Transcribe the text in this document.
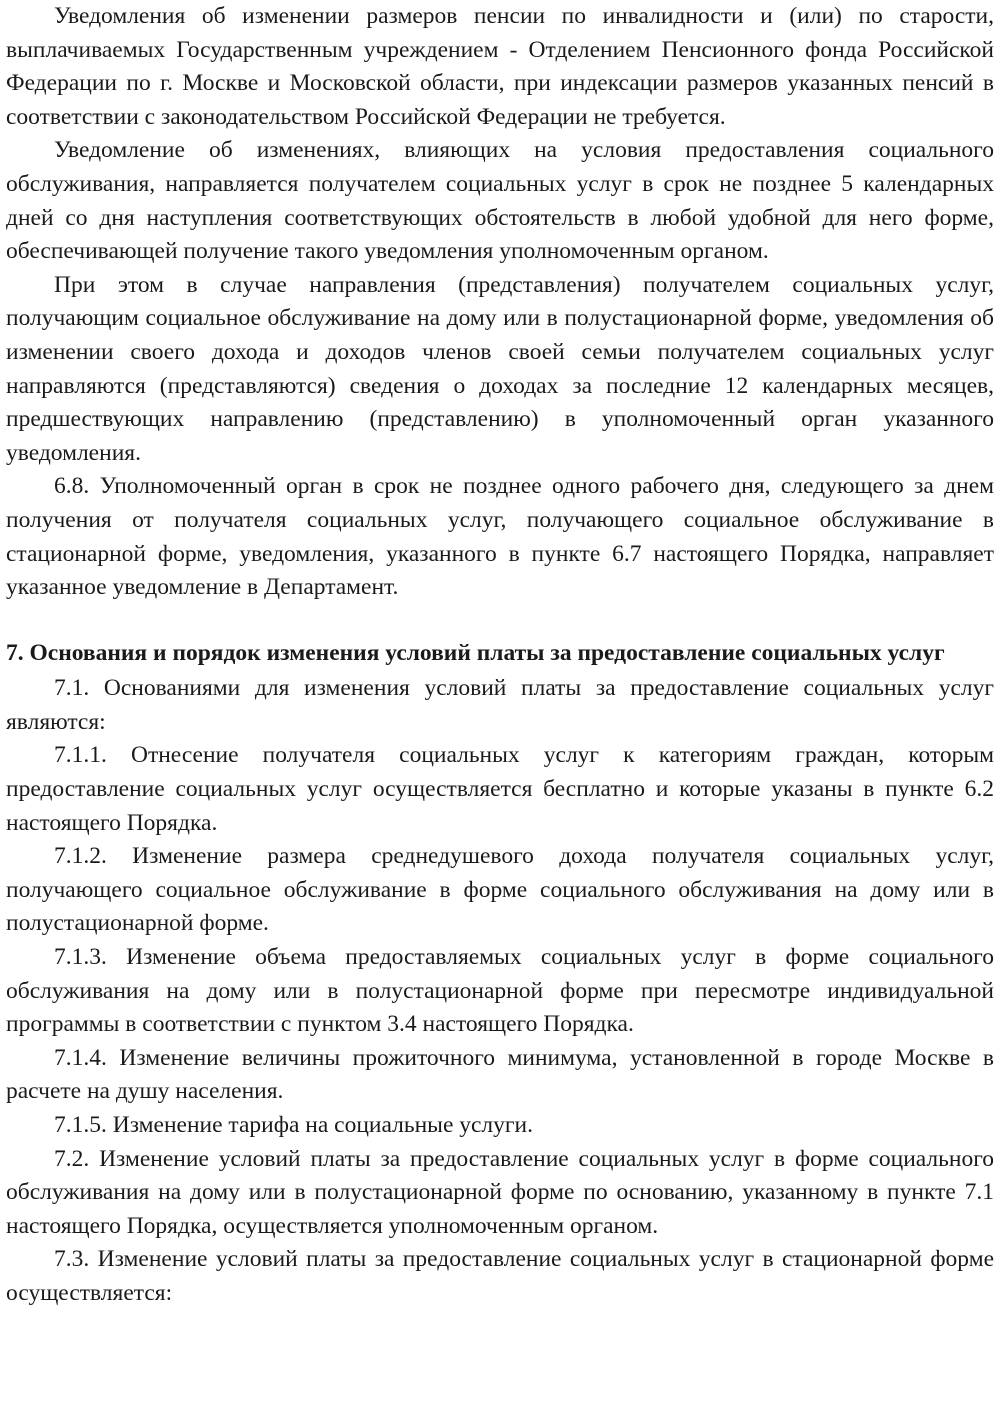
Уведомления об изменении размеров пенсии по инвалидности и (или) по старости, выплачиваемых Государственным учреждением - Отделением Пенсионного фонда Российской Федерации по г. Москве и Московской области, при индексации размеров указанных пенсий в соответствии с законодательством Российской Федерации не требуется.

Уведомление об изменениях, влияющих на условия предоставления социального обслуживания, направляется получателем социальных услуг в срок не позднее 5 календарных дней со дня наступления соответствующих обстоятельств в любой удобной для него форме, обеспечивающей получение такого уведомления уполномоченным органом.

При этом в случае направления (представления) получателем социальных услуг, получающим социальное обслуживание на дому или в полустационарной форме, уведомления об изменении своего дохода и доходов членов своей семьи получателем социальных услуг направляются (представляются) сведения о доходах за последние 12 календарных месяцев, предшествующих направлению (представлению) в уполномоченный орган указанного уведомления.

6.8. Уполномоченный орган в срок не позднее одного рабочего дня, следующего за днем получения от получателя социальных услуг, получающего социальное обслуживание в стационарной форме, уведомления, указанного в пункте 6.7 настоящего Порядка, направляет указанное уведомление в Департамент.

7. Основания и порядок изменения условий платы за предоставление социальных услуг

7.1. Основаниями для изменения условий платы за предоставление социальных услуг являются:

7.1.1. Отнесение получателя социальных услуг к категориям граждан, которым предоставление социальных услуг осуществляется бесплатно и которые указаны в пункте 6.2 настоящего Порядка.

7.1.2. Изменение размера среднедушевого дохода получателя социальных услуг, получающего социальное обслуживание в форме социального обслуживания на дому или в полустационарной форме.

7.1.3. Изменение объема предоставляемых социальных услуг в форме социального обслуживания на дому или в полустационарной форме при пересмотре индивидуальной программы в соответствии с пунктом 3.4 настоящего Порядка.

7.1.4. Изменение величины прожиточного минимума, установленной в городе Москве в расчете на душу населения.

7.1.5. Изменение тарифа на социальные услуги.

7.2. Изменение условий платы за предоставление социальных услуг в форме социального обслуживания на дому или в полустационарной форме по основанию, указанному в пункте 7.1 настоящего Порядка, осуществляется уполномоченным органом.

7.3. Изменение условий платы за предоставление социальных услуг в стационарной форме осуществляется:
